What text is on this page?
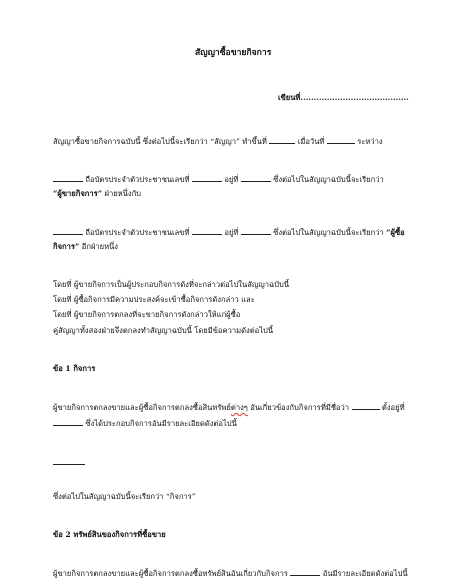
สัญญาซื้อขายกิจการ
เขียนที่.........................................
สัญญาซื้อขายกิจการฉบับนี้ ซึ่งต่อไปนี้จะเรียกว่า “สัญญา” ทำขึ้นที่	เมื่อวันที่	ระหว่าง
ถือบัตรประจำตัวประชาชนเลขที่	อยู่ที่	ซึ่งต่อไปในสัญญาฉบับนี้จะเรียกว่า
“ผู้ขายกิจการ” ฝ่ายหนึ่งกับ
ถือบัตรประจำตัวประชาชนเลขที่	อยู่ที่	ซึ่งต่อไปในสัญญาฉบับนี้จะเรียกว่า “ผู้ซื้อ
กิจการ” อีกฝ่ายหนึ่ง
โดยที่ ผู้ขายกิจการเป็นผู้ประกอบกิจการดังที่จะกล่าวต่อไปในสัญญาฉบับนี้
โดยที่ ผู้ซื้อกิจการมีความประสงค์จะเข้าซื้อกิจการดังกล่าว และ
โดยที่ ผู้ขายกิจการตกลงที่จะขายกิจการดังกล่าวให้แก่ผู้ซื้อ
คู่สัญญาทั้งสองฝ่ายจึงตกลงทำสัญญาฉบับนี้ โดยมีข้อความดังต่อไปนี้
ข้อ 1 กิจการ
ผู้ขายกิจการตกลงขายและผู้ซื้อกิจการตกลงซื้อสินทรัพย์ต่างๆ อันเกี่ยวข้องกับกิจการที่มีชื่อว่า	ตั้งอยู่ที่
ซึ่งได้ประกอบกิจการอันมีรายละเอียดดังต่อไปนี้
ซึ่งต่อไปในสัญญาฉบับนี้จะเรียกว่า “กิจการ”
ข้อ 2 ทรัพย์สินของกิจการที่ซื้อขาย
ผู้ขายกิจการตกลงขายและผู้ซื้อกิจการตกลงซื้อทรัพย์สินอันเกี่ยวกับกิจการ	อันมีรายละเอียดดังต่อไปนี้
